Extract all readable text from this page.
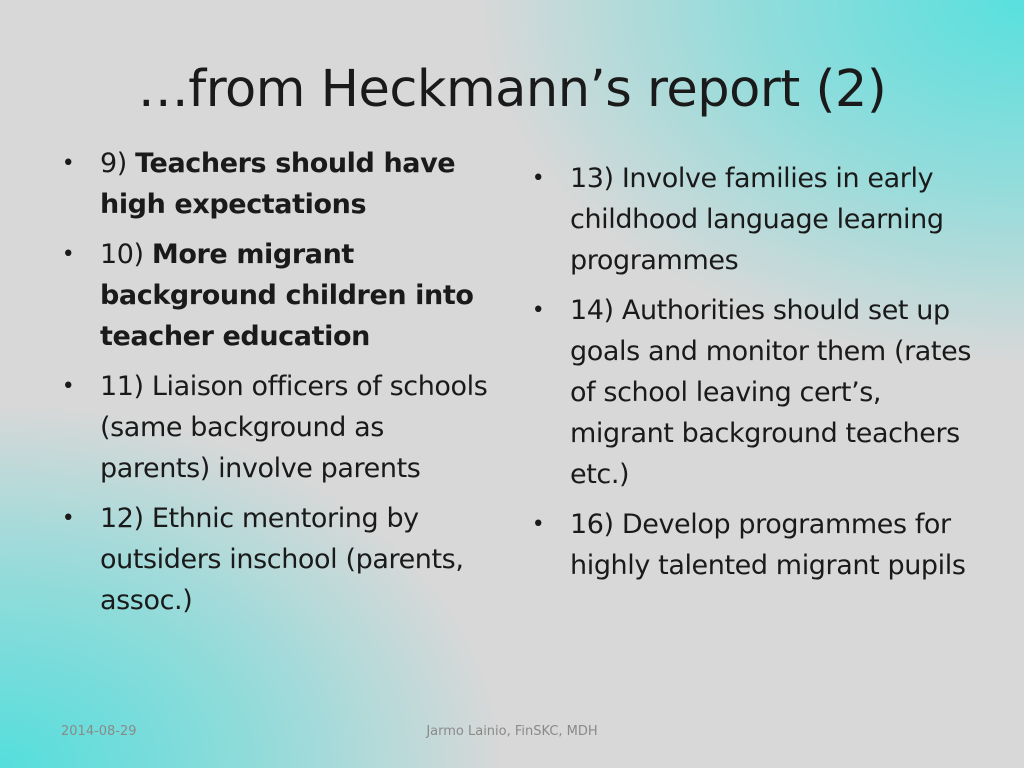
…from Heckmann’s report (2)
• 9) Teachers should have high expectations
• 10) More migrant background children into teacher education
• 11) Liaison officers of schools (same background as parents) involve parents
• 12) Ethnic mentoring by outsiders inschool (parents, assoc.)
• 13) Involve families in early childhood language learning programmes
• 14) Authorities should set up goals and monitor them (rates of school leaving cert’s, migrant background teachers etc.)
• 16) Develop programmes for highly talented migrant pupils
2014-08-29	Jarmo Lainio, FinSKC, MDH
